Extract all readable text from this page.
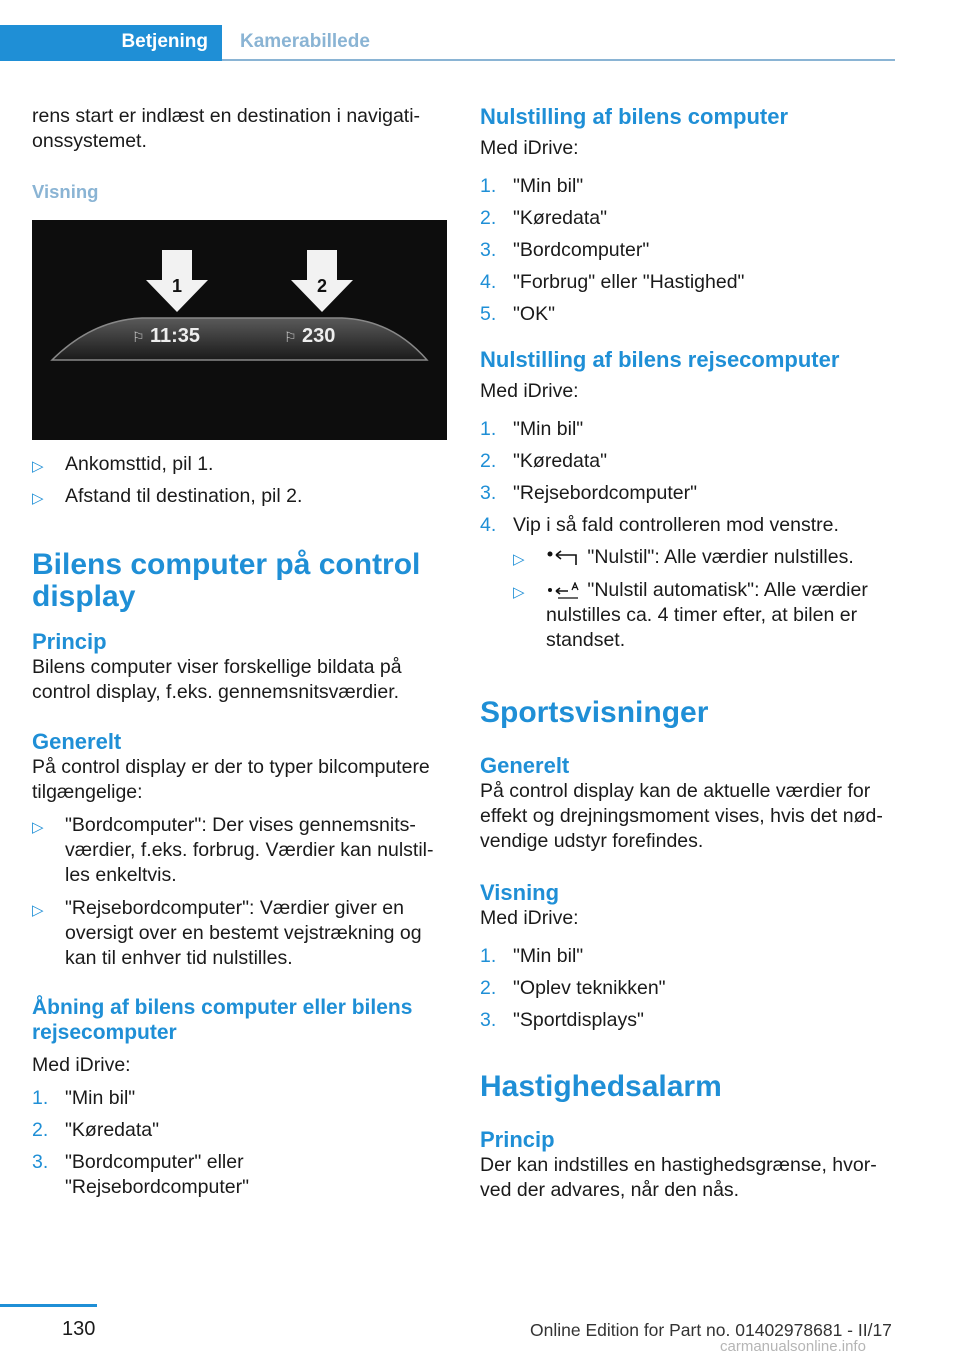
Betjening Kamerabillede

rens start er indlæst en destination i navigati-onssystemet.

Visning

1	2
⚐ 11:35	⚐ 230
▷ Ankomsttid, pil 1.
▷ Afstand til destination, pil 2.
Bilens computer på control display
Princip

Bilens computer viser forskellige bildata på control display, f.eks. gennemsnitsværdier.

Generelt

På control display er der to typer bilcomputere tilgængelige:

▷ "Bordcomputer": Der vises gennemsnits-værdier, f.eks. forbrug. Værdier kan nulstil-les enkeltvis.
▷ "Rejsebordcomputer": Værdier giver en oversigt over en bestemt vejstrækning og kan til enhver tid nulstilles.
Åbning af bilens computer eller bilens rejsecomputer

Med iDrive:

1. "Min bil"
2. "Køredata"
3. "Bordcomputer" eller "Rejsebordcomputer"
Nulstilling af bilens computer

Med iDrive:

1. "Min bil"
2. "Køredata"
3. "Bordcomputer"
4. "Forbrug" eller "Hastighed"
5. "OK"
Nulstilling af bilens rejsecomputer

Med iDrive:

1. "Min bil"
2. "Køredata"
3. "Rejsebordcomputer"
4. Vip i så fald controlleren mod venstre.
▷	"Nulstil": Alle værdier nulstilles.
▷	"Nulstil automatisk": Alle værdier nulstilles ca. 4 timer efter, at bilen er standset.
Sportsvisninger
Generelt

På control display kan de aktuelle værdier for effekt og drejningsmoment vises, hvis det nød-vendige udstyr forefindes.

Visning

Med iDrive:

1. "Min bil"
2. "Oplev teknikken"
3. "Sportdisplays"
Hastighedsalarm
Princip

Der kan indstilles en hastighedsgrænse, hvor-ved der advares, når den nås.

130	Online Edition for Part no. 01402978681 - II/17
carmanualsonline.info
